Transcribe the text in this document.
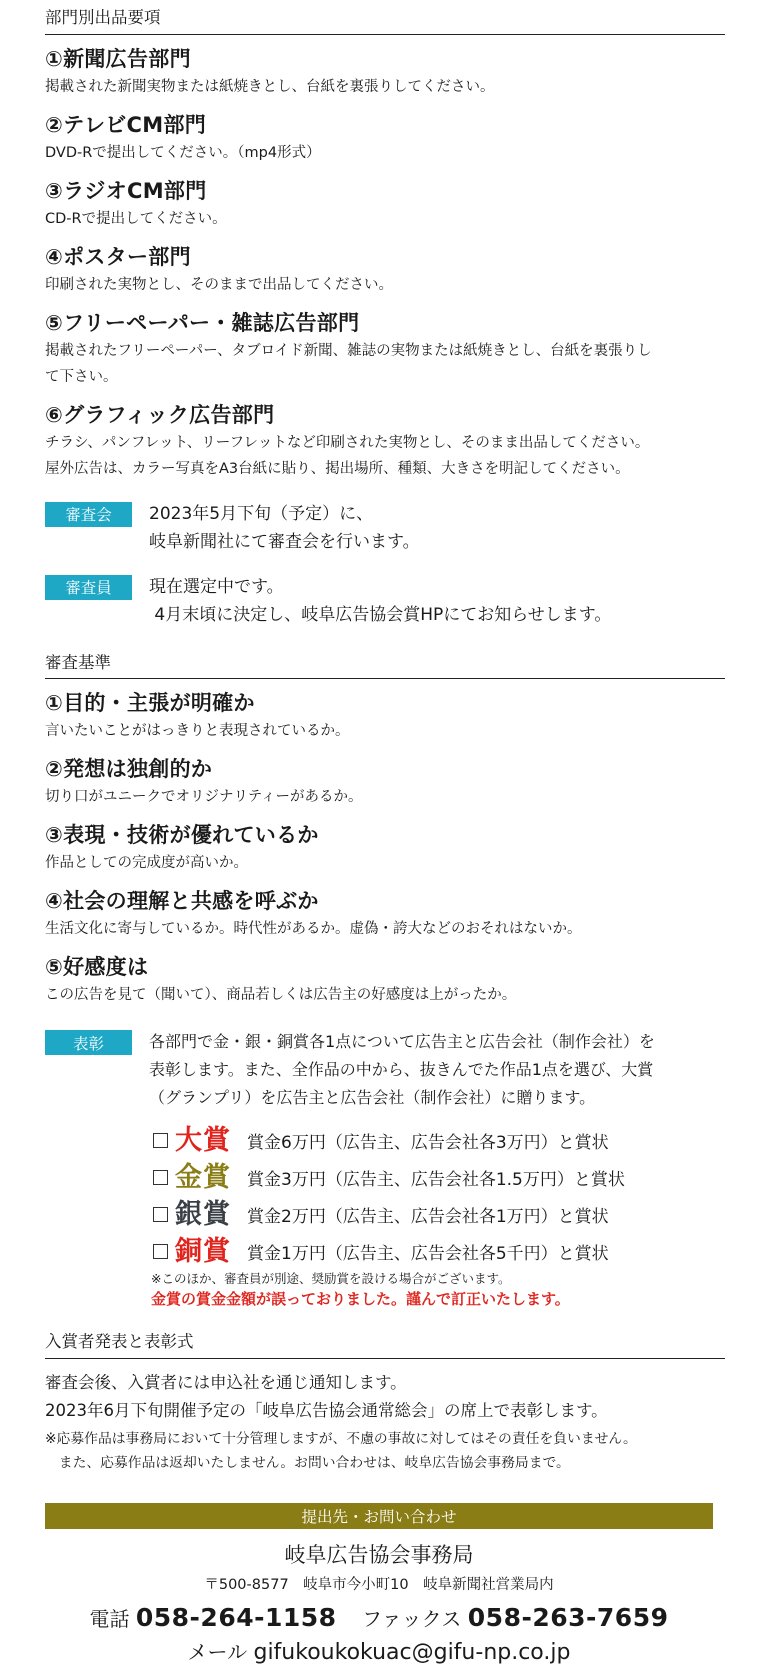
部門別出品要項
①新聞広告部門
掲載された新聞実物または紙焼きとし、台紙を裏張りしてください。
②テレビCM部門
DVD-Rで提出してください。（mp4形式）
③ラジオCM部門
CD-Rで提出してください。
④ポスター部門
印刷された実物とし、そのままで出品してください。
⑤フリーペーパー・雑誌広告部門
掲載されたフリーペーパー、タブロイド新聞、雑誌の実物または紙焼きとし、台紙を裏張りし
て下さい。
⑥グラフィック広告部門
チラシ、パンフレット、リーフレットなど印刷された実物とし、そのまま出品してください。
屋外広告は、カラー写真をA3台紙に貼り、掲出場所、種類、大きさを明記してください。
審査会	2023年5月下旬（予定）に、
岐阜新聞社にて審査会を行います。
審査員	現在選定中です。
4月末頃に決定し、岐阜広告協会賞HPにてお知らせします。
審査基準
①目的・主張が明確か
言いたいことがはっきりと表現されているか。
②発想は独創的か
切り口がユニークでオリジナリティーがあるか。
③表現・技術が優れているか
作品としての完成度が高いか。
④社会の理解と共感を呼ぶか
生活文化に寄与しているか。時代性があるか。虚偽・誇大などのおそれはないか。
⑤好感度は
この広告を見て（聞いて）、商品若しくは広告主の好感度は上がったか。
表彰	各部門で金・銀・銅賞各1点について広告主と広告会社（制作会社）を
表彰します。また、全作品の中から、抜きんでた作品1点を選び、大賞
（グランプリ）を広告主と広告会社（制作会社）に贈ります。
大賞 賞金6万円（広告主、広告会社各3万円）と賞状
金賞 賞金3万円（広告主、広告会社各1.5万円）と賞状
銀賞 賞金2万円（広告主、広告会社各1万円）と賞状
銅賞 賞金1万円（広告主、広告会社各5千円）と賞状
※このほか、審査員が別途、奨励賞を設ける場合がございます。
金賞の賞金金額が誤っておりました。謹んで訂正いたします。
入賞者発表と表彰式
審査会後、入賞者には申込社を通じ通知します。
2023年6月下旬開催予定の「岐阜広告協会通常総会」の席上で表彰します。
※応募作品は事務局において十分管理しますが、不慮の事故に対してはその責任を負いません。
　また、応募作品は返却いたしません。お問い合わせは、岐阜広告協会事務局まで。
提出先・お問い合わせ
岐阜広告協会事務局
〒500-8577　岐阜市今小町10　岐阜新聞社営業局内
電話 058-264-1158 ファックス 058-263-7659
メール gifukoukokuac@gifu-np.co.jp
